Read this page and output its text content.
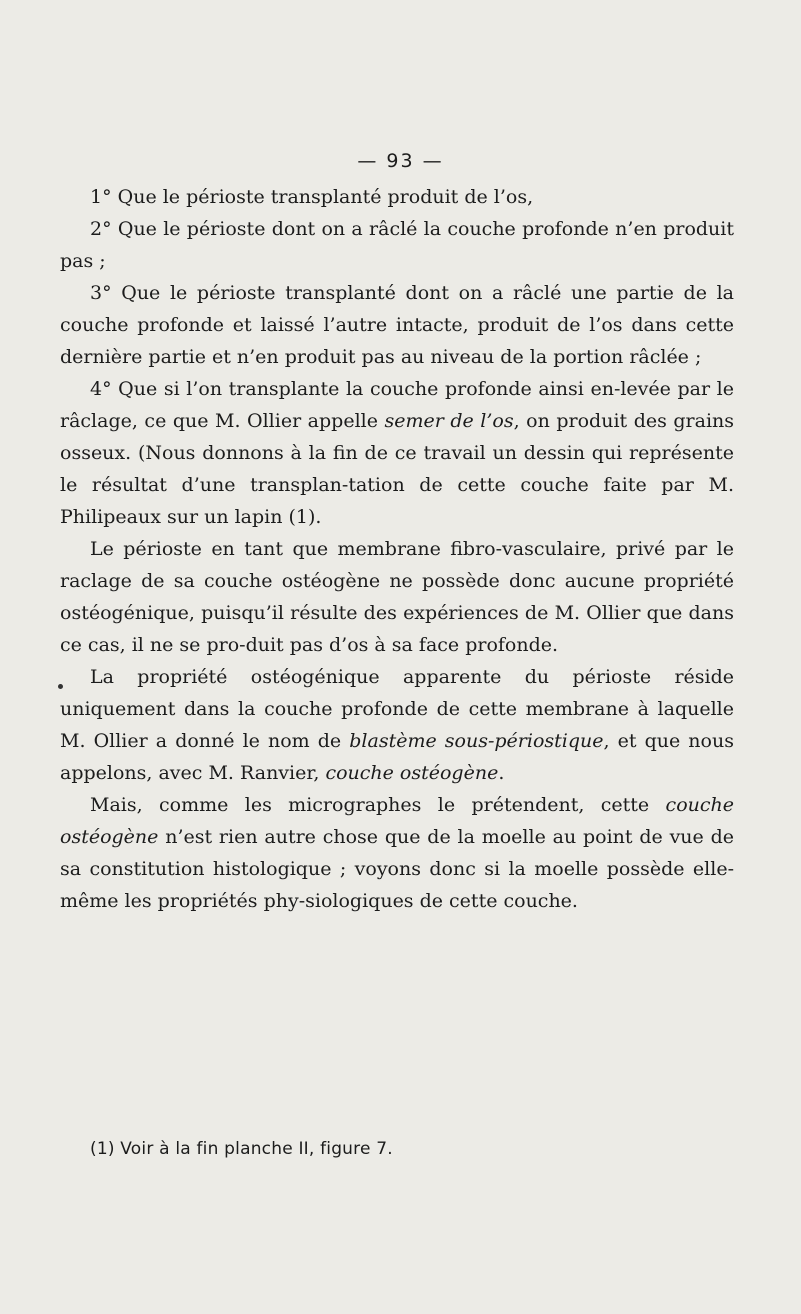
— 93 —

1° Que le périoste transplanté produit de l’os,

2° Que le périoste dont on a râclé la couche profonde n’en produit pas ;

3° Que le périoste transplanté dont on a râclé une partie de la couche profonde et laissé l’autre intacte, produit de l’os dans cette dernière partie et n’en produit pas au niveau de la portion râclée ;

4° Que si l’on transplante la couche profonde ainsi en-levée par le râclage, ce que M. Ollier appelle semer de l’os, on produit des grains osseux. (Nous donnons à la fin de ce travail un dessin qui représente le résultat d’une transplan-tation de cette couche faite par M. Philipeaux sur un lapin (1).

Le périoste en tant que membrane fibro-vasculaire, privé par le raclage de sa couche ostéogène ne possède donc aucune propriété ostéogénique, puisqu’il résulte des expériences de M. Ollier que dans ce cas, il ne se pro-duit pas d’os à sa face profonde.

La propriété ostéogénique apparente du périoste réside uniquement dans la couche profonde de cette membrane à laquelle M. Ollier a donné le nom de blastème sous-périostique, et que nous appelons, avec M. Ranvier, couche ostéogène.

Mais, comme les micrographes le prétendent, cette couche ostéogène n’est rien autre chose que de la moelle au point de vue de sa constitution histologique ; voyons donc si la moelle possède elle-même les propriétés phy-siologiques de cette couche.

(1) Voir à la fin planche II, figure 7.
